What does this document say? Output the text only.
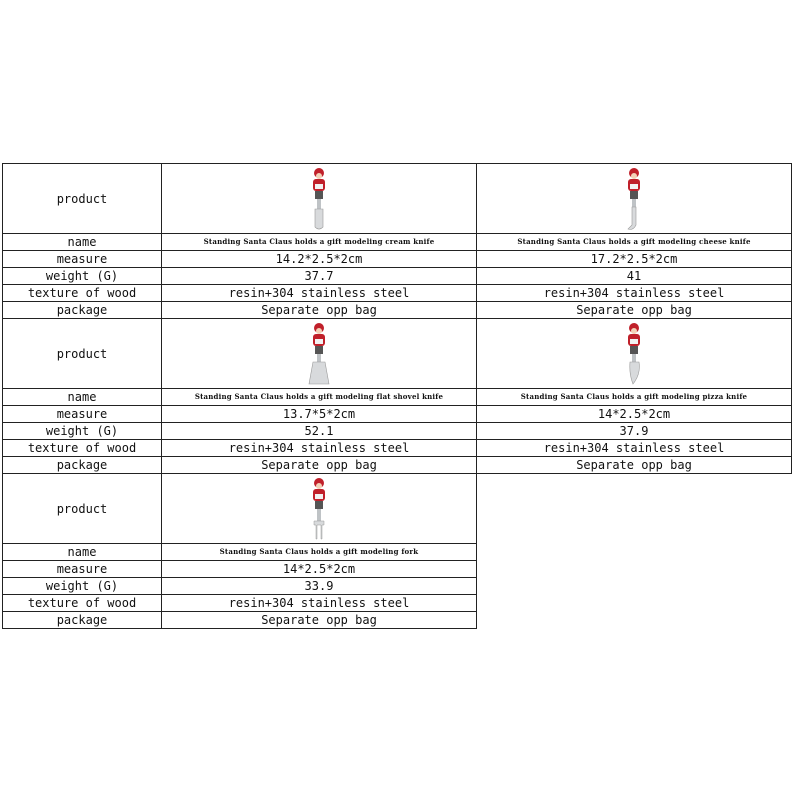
product	

name	Standing Santa Claus holds a gift modeling cream knife	Standing Santa Claus holds a gift modeling cheese knife
measure	14.2*2.5*2cm	17.2*2.5*2cm
weight (G)	37.7	41
texture of wood	resin+304 stainless steel	resin+304 stainless steel
package	Separate opp bag	Separate opp bag
product	

name	Standing Santa Claus holds a gift modeling flat shovel knife	Standing Santa Claus holds a gift modeling pizza knife
measure	13.7*5*2cm	14*2.5*2cm
weight (G)	52.1	37.9
texture of wood	resin+304 stainless steel	resin+304 stainless steel
package	Separate opp bag	Separate opp bag
product	

name	Standing Santa Claus holds a gift modeling fork	
measure	14*2.5*2cm	
weight (G)	33.9	
texture of wood	resin+304 stainless steel	
package	Separate opp bag	
